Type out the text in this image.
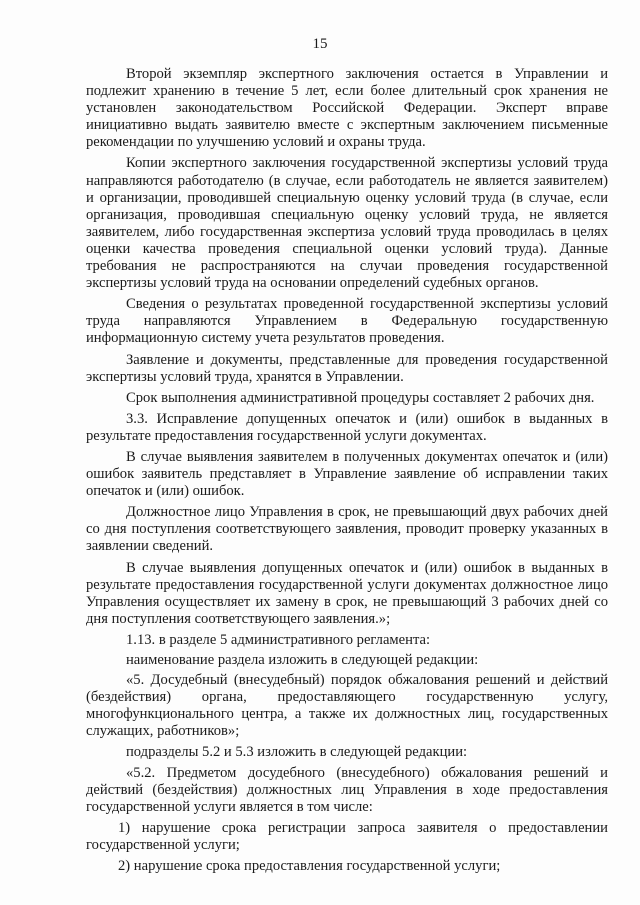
15

Второй экземпляр экспертного заключения остается в Управлении и подлежит хранению в течение 5 лет, если более длительный срок хранения не установлен законодательством Российской Федерации. Эксперт вправе инициативно выдать заявителю вместе с экспертным заключением письменные рекомендации по улучшению условий и охраны труда.

Копии экспертного заключения государственной экспертизы условий труда направляются работодателю (в случае, если работодатель не является заявителем) и организации, проводившей специальную оценку условий труда (в случае, если организация, проводившая специальную оценку условий труда, не является заявителем, либо государственная экспертиза условий труда проводилась в целях оценки качества проведения специальной оценки условий труда). Данные требования не распространяются на случаи проведения государственной экспертизы условий труда на основании определений судебных органов.

Сведения о результатах проведенной государственной экспертизы условий труда направляются Управлением в Федеральную государственную информационную систему учета результатов проведения.

Заявление и документы, представленные для проведения государственной экспертизы условий труда, хранятся в Управлении.

Срок выполнения административной процедуры составляет 2 рабочих дня.

3.3. Исправление допущенных опечаток и (или) ошибок в выданных в результате предоставления государственной услуги документах.

В случае выявления заявителем в полученных документах опечаток и (или) ошибок заявитель представляет в Управление заявление об исправлении таких опечаток и (или) ошибок.

Должностное лицо Управления в срок, не превышающий двух рабочих дней со дня поступления соответствующего заявления, проводит проверку указанных в заявлении сведений.

В случае выявления допущенных опечаток и (или) ошибок в выданных в результате предоставления государственной услуги документах должностное лицо Управления осуществляет их замену в срок, не превышающий 3 рабочих дней со дня поступления соответствующего заявления.»;

1.13. в разделе 5 административного регламента:

наименование раздела изложить в следующей редакции:

«5. Досудебный (внесудебный) порядок обжалования решений и действий (бездействия) органа, предоставляющего государственную услугу, многофункционального центра, а также их должностных лиц, государственных служащих, работников»;

подразделы 5.2 и 5.3 изложить в следующей редакции:

«5.2. Предметом досудебного (внесудебного) обжалования решений и действий (бездействия) должностных лиц Управления в ходе предоставления государственной услуги является в том числе:

1) нарушение срока регистрации запроса заявителя о предоставлении государственной услуги;

2) нарушение срока предоставления государственной услуги;
